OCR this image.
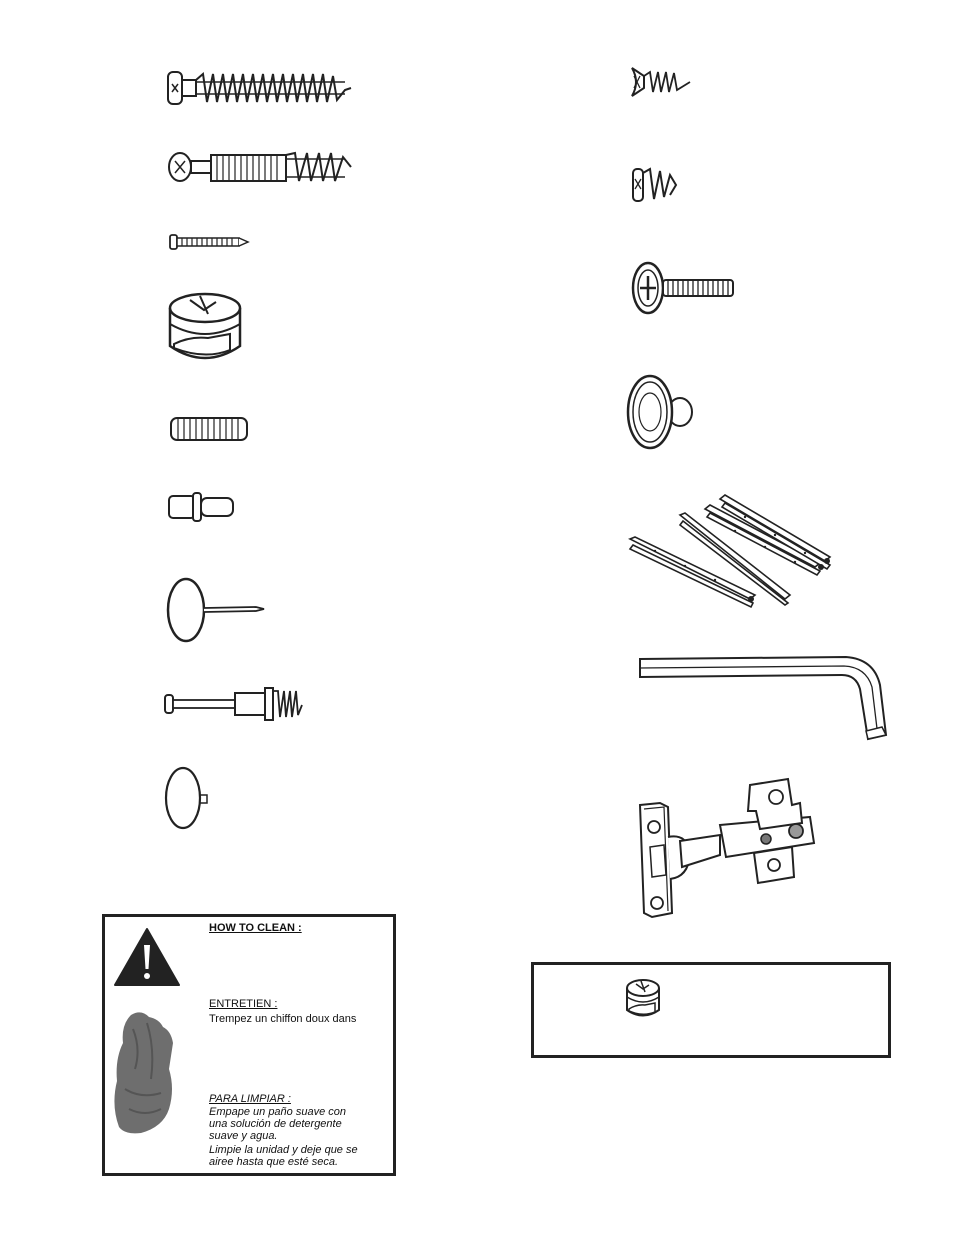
HOW TO CLEAN :
ENTRETIEN :
Trempez un chiffon doux dans
PARA LIMPIAR :
Empape un paño suave con
una solución de detergente
suave y agua.
Limpie la unidad y deje que se
airee hasta que esté seca.
